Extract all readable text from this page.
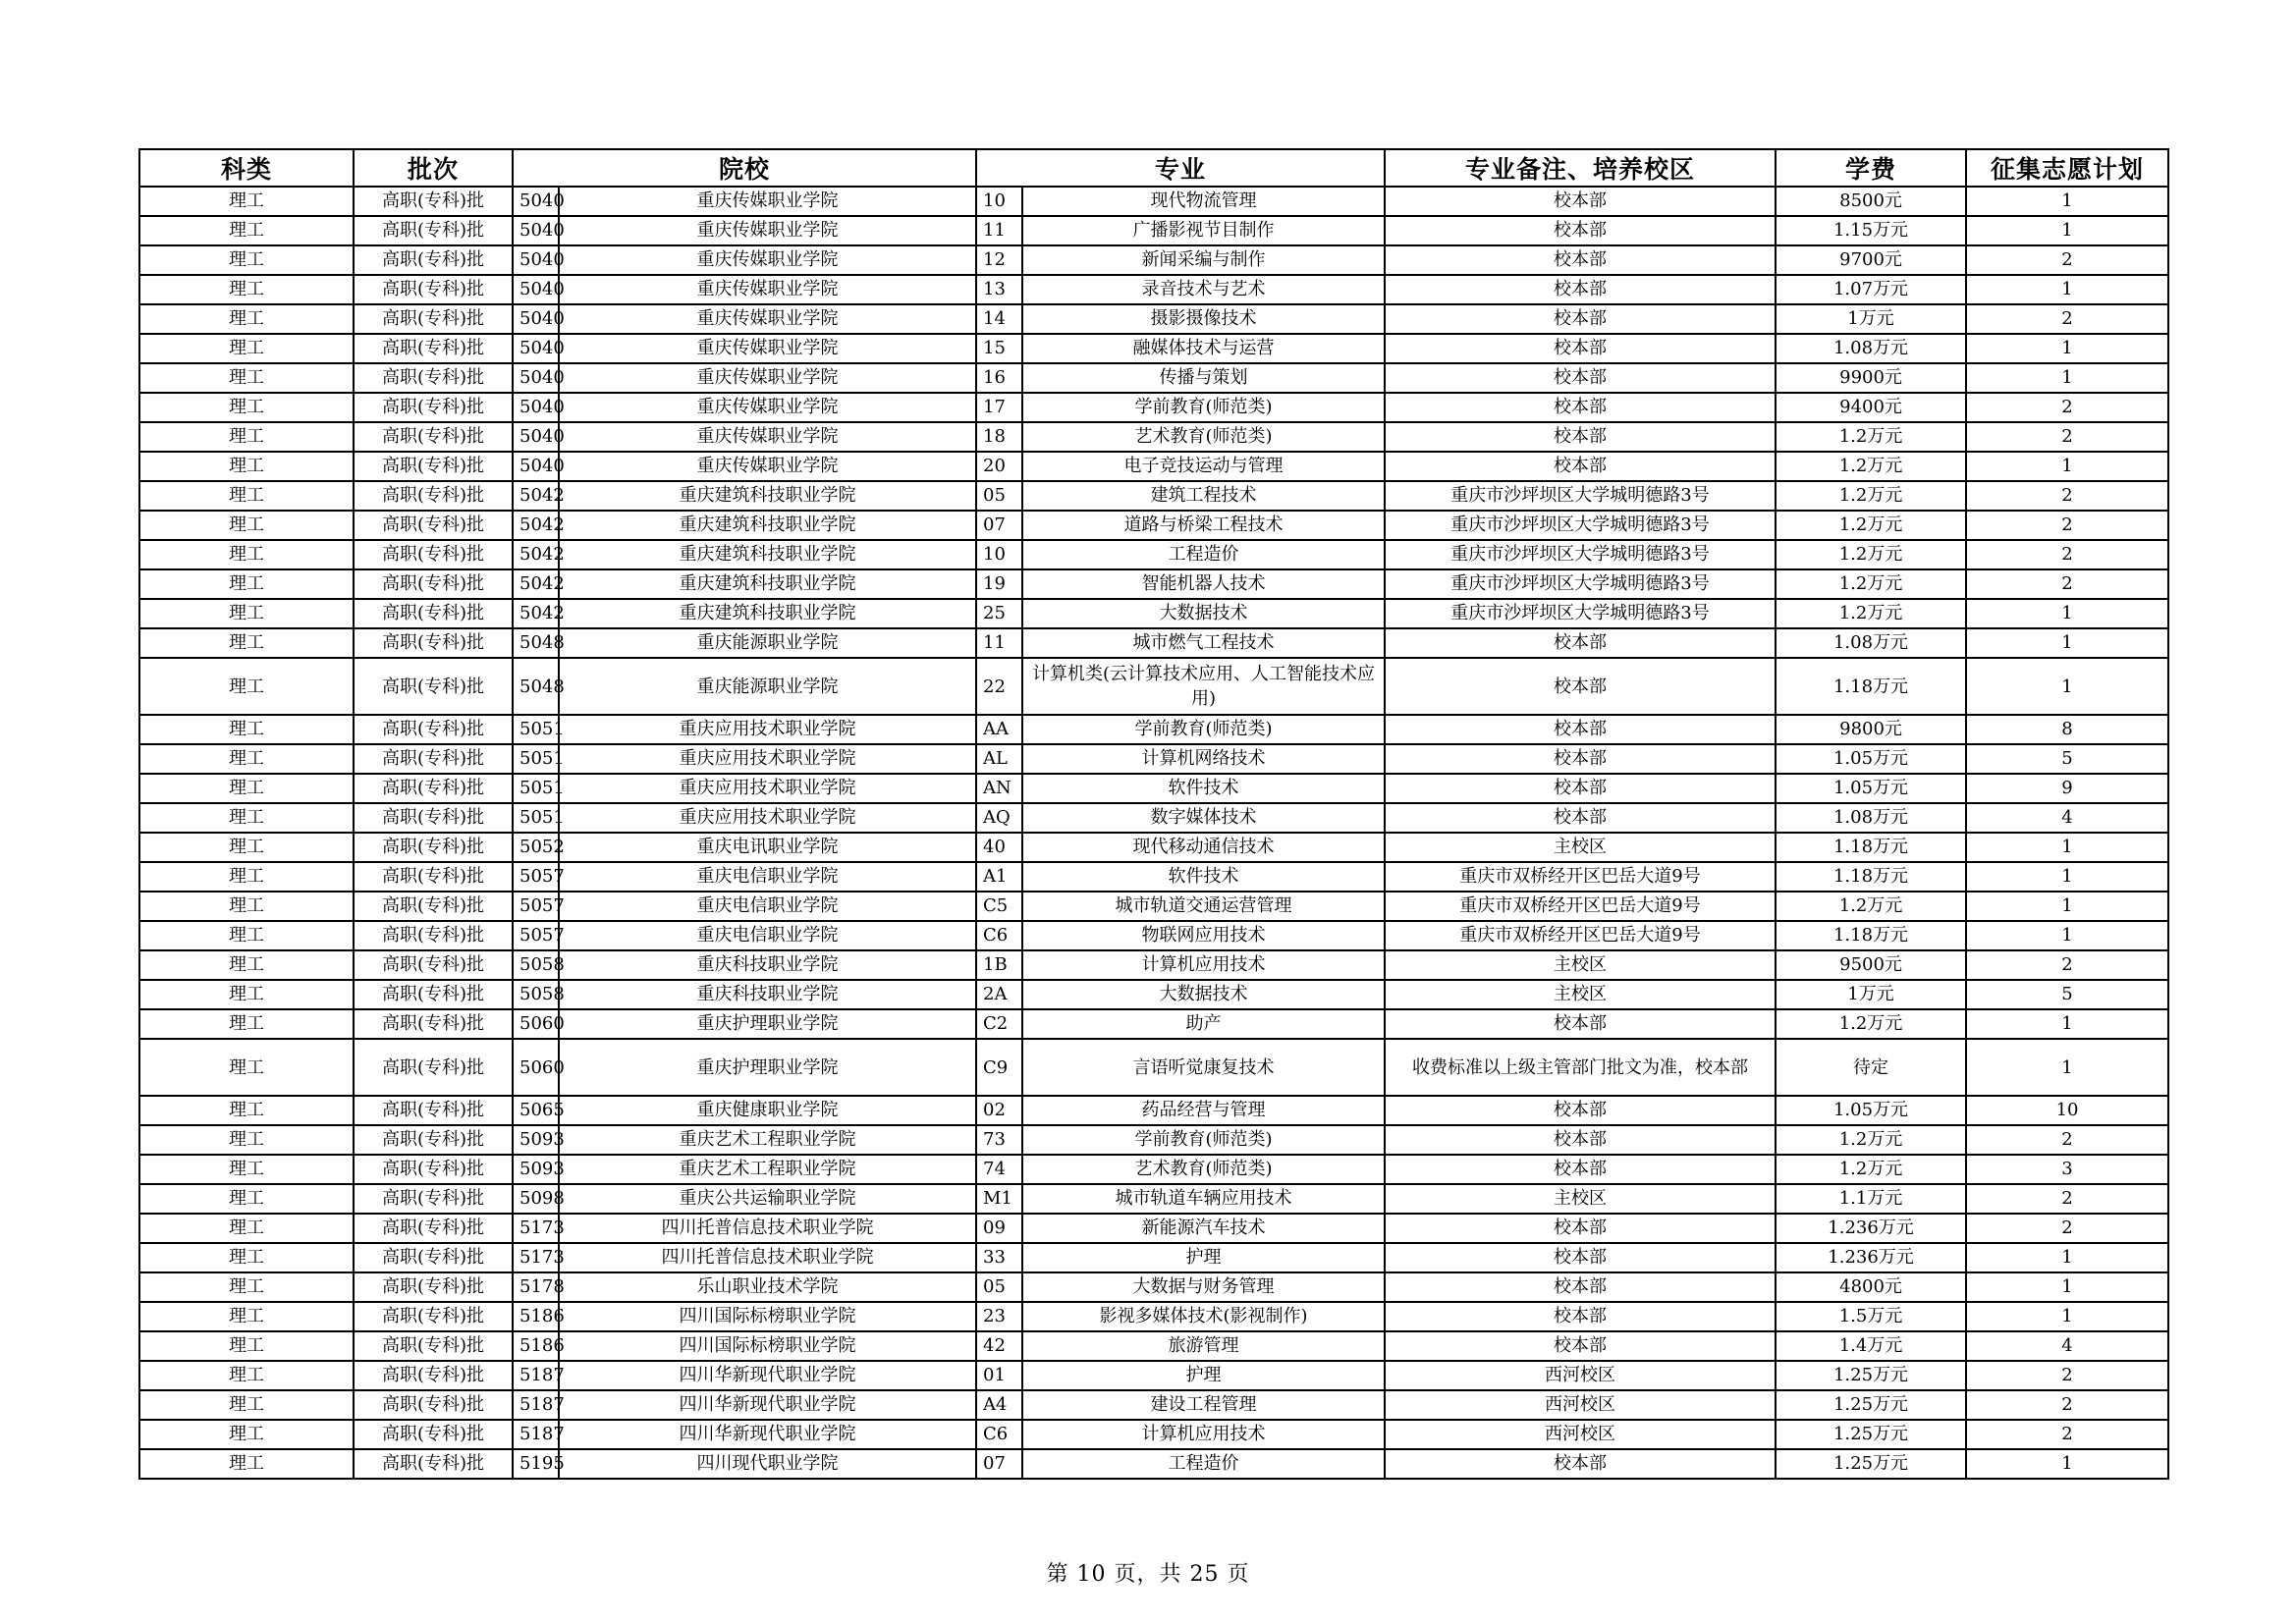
科类	批次	院校		专业		专业备注、培养校区	学费	征集志愿计划
理工	高职(专科)批	5040	重庆传媒职业学院	10	现代物流管理	校本部	8500元	1
理工	高职(专科)批	5040	重庆传媒职业学院	11	广播影视节目制作	校本部	1.15万元	1
理工	高职(专科)批	5040	重庆传媒职业学院	12	新闻采编与制作	校本部	9700元	2
理工	高职(专科)批	5040	重庆传媒职业学院	13	录音技术与艺术	校本部	1.07万元	1
理工	高职(专科)批	5040	重庆传媒职业学院	14	摄影摄像技术	校本部	1万元	2
理工	高职(专科)批	5040	重庆传媒职业学院	15	融媒体技术与运营	校本部	1.08万元	1
理工	高职(专科)批	5040	重庆传媒职业学院	16	传播与策划	校本部	9900元	1
理工	高职(专科)批	5040	重庆传媒职业学院	17	学前教育(师范类)	校本部	9400元	2
理工	高职(专科)批	5040	重庆传媒职业学院	18	艺术教育(师范类)	校本部	1.2万元	2
理工	高职(专科)批	5040	重庆传媒职业学院	20	电子竞技运动与管理	校本部	1.2万元	1
理工	高职(专科)批	5042	重庆建筑科技职业学院	05	建筑工程技术	重庆市沙坪坝区大学城明德路3号	1.2万元	2
理工	高职(专科)批	5042	重庆建筑科技职业学院	07	道路与桥梁工程技术	重庆市沙坪坝区大学城明德路3号	1.2万元	2
理工	高职(专科)批	5042	重庆建筑科技职业学院	10	工程造价	重庆市沙坪坝区大学城明德路3号	1.2万元	2
理工	高职(专科)批	5042	重庆建筑科技职业学院	19	智能机器人技术	重庆市沙坪坝区大学城明德路3号	1.2万元	2
理工	高职(专科)批	5042	重庆建筑科技职业学院	25	大数据技术	重庆市沙坪坝区大学城明德路3号	1.2万元	1
理工	高职(专科)批	5048	重庆能源职业学院	11	城市燃气工程技术	校本部	1.08万元	1
理工	高职(专科)批	5048	重庆能源职业学院	22	计算机类(云计算技术应用、人工智能技术应用)	校本部	1.18万元	1
理工	高职(专科)批	5051	重庆应用技术职业学院	AA	学前教育(师范类)	校本部	9800元	8
理工	高职(专科)批	5051	重庆应用技术职业学院	AL	计算机网络技术	校本部	1.05万元	5
理工	高职(专科)批	5051	重庆应用技术职业学院	AN	软件技术	校本部	1.05万元	9
理工	高职(专科)批	5051	重庆应用技术职业学院	AQ	数字媒体技术	校本部	1.08万元	4
理工	高职(专科)批	5052	重庆电讯职业学院	40	现代移动通信技术	主校区	1.18万元	1
理工	高职(专科)批	5057	重庆电信职业学院	A1	软件技术	重庆市双桥经开区巴岳大道9号	1.18万元	1
理工	高职(专科)批	5057	重庆电信职业学院	C5	城市轨道交通运营管理	重庆市双桥经开区巴岳大道9号	1.2万元	1
理工	高职(专科)批	5057	重庆电信职业学院	C6	物联网应用技术	重庆市双桥经开区巴岳大道9号	1.18万元	1
理工	高职(专科)批	5058	重庆科技职业学院	1B	计算机应用技术	主校区	9500元	2
理工	高职(专科)批	5058	重庆科技职业学院	2A	大数据技术	主校区	1万元	5
理工	高职(专科)批	5060	重庆护理职业学院	C2	助产	校本部	1.2万元	1
理工	高职(专科)批	5060	重庆护理职业学院	C9	言语听觉康复技术	收费标准以上级主管部门批文为准，校本部	待定	1
理工	高职(专科)批	5065	重庆健康职业学院	02	药品经营与管理	校本部	1.05万元	10
理工	高职(专科)批	5093	重庆艺术工程职业学院	73	学前教育(师范类)	校本部	1.2万元	2
理工	高职(专科)批	5093	重庆艺术工程职业学院	74	艺术教育(师范类)	校本部	1.2万元	3
理工	高职(专科)批	5098	重庆公共运输职业学院	M1	城市轨道车辆应用技术	主校区	1.1万元	2
理工	高职(专科)批	5173	四川托普信息技术职业学院	09	新能源汽车技术	校本部	1.236万元	2
理工	高职(专科)批	5173	四川托普信息技术职业学院	33	护理	校本部	1.236万元	1
理工	高职(专科)批	5178	乐山职业技术学院	05	大数据与财务管理	校本部	4800元	1
理工	高职(专科)批	5186	四川国际标榜职业学院	23	影视多媒体技术(影视制作)	校本部	1.5万元	1
理工	高职(专科)批	5186	四川国际标榜职业学院	42	旅游管理	校本部	1.4万元	4
理工	高职(专科)批	5187	四川华新现代职业学院	01	护理	西河校区	1.25万元	2
理工	高职(专科)批	5187	四川华新现代职业学院	A4	建设工程管理	西河校区	1.25万元	2
理工	高职(专科)批	5187	四川华新现代职业学院	C6	计算机应用技术	西河校区	1.25万元	2
理工	高职(专科)批	5195	四川现代职业学院	07	工程造价	校本部	1.25万元	1
第 10 页，共 25 页
